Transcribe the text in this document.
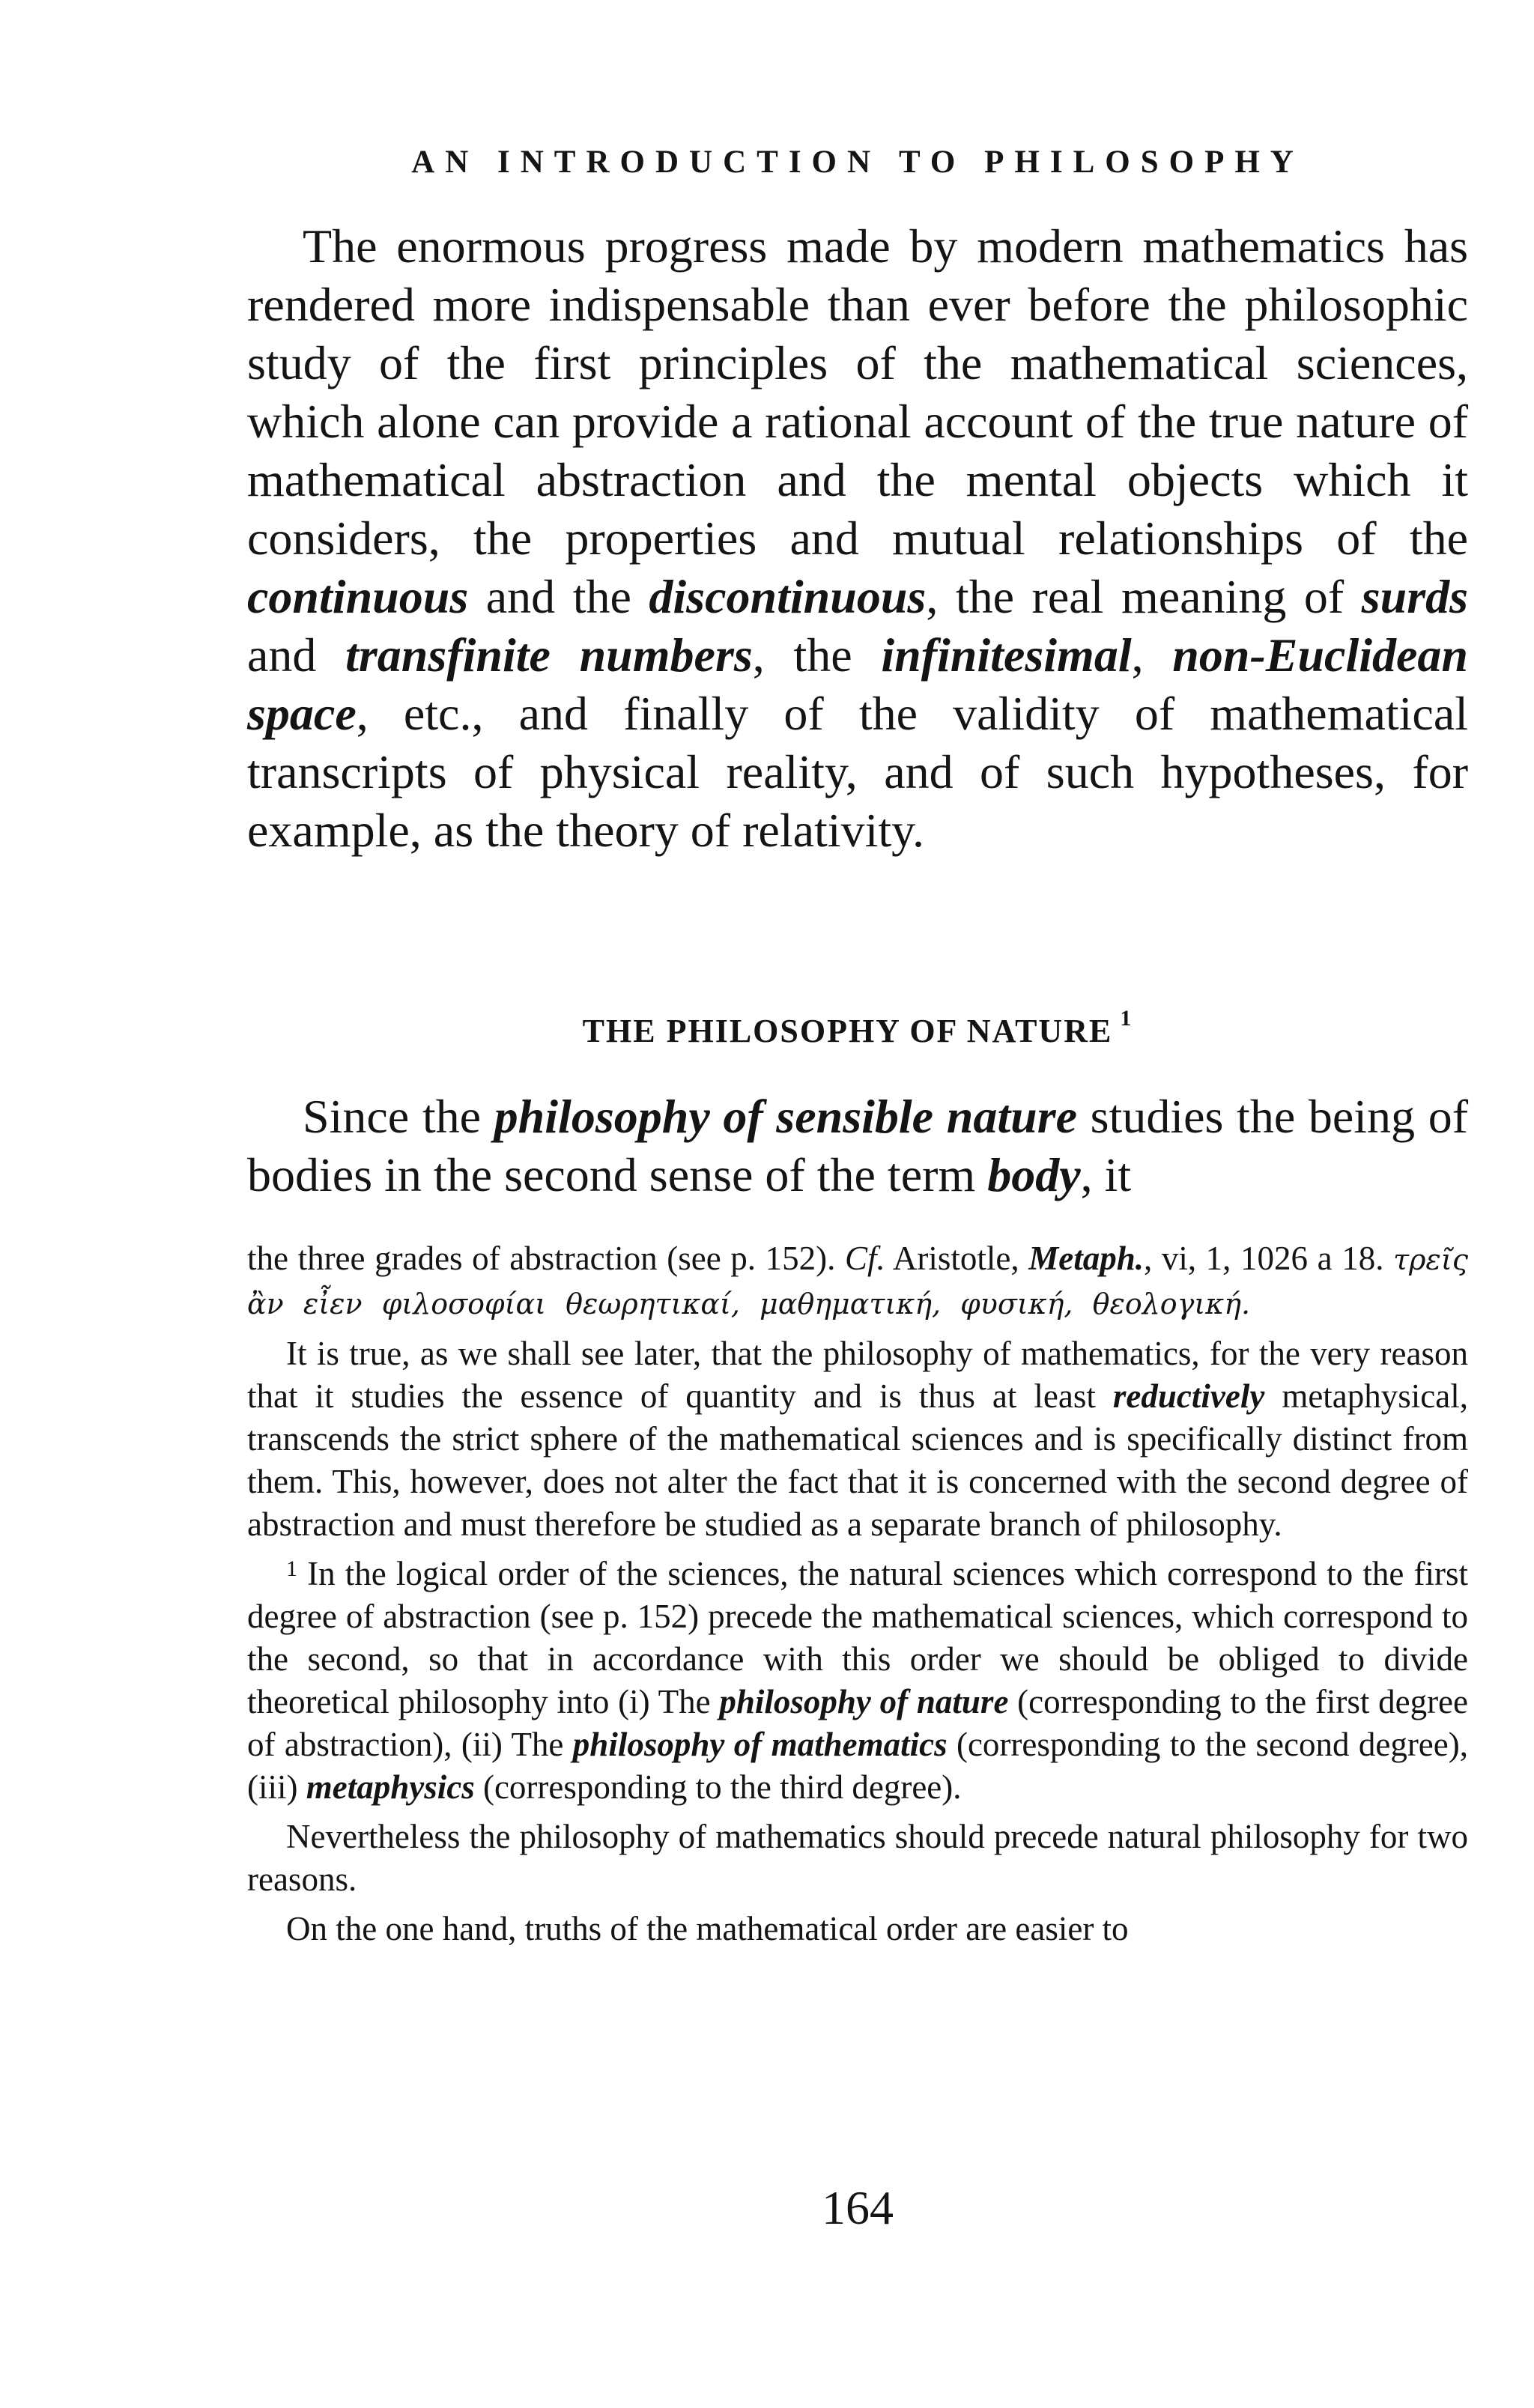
AN INTRODUCTION TO PHILOSOPHY

The enormous progress made by modern mathematics has rendered more indispensable than ever before the philosophic study of the first principles of the mathematical sciences, which alone can provide a rational account of the true nature of mathematical abstraction and the mental objects which it considers, the properties and mutual relationships of the continuous and the discontinuous, the real meaning of surds and transfinite numbers, the infinitesimal, non-Euclidean space, etc., and finally of the validity of mathematical transcripts of physical reality, and of such hypotheses, for example, as the theory of relativity.

THE PHILOSOPHY OF NATURE $^1$

Since the philosophy of sensible nature studies the being of bodies in the second sense of the term body, it

the three grades of abstraction (see p. 152). Cf. Aristotle, Metaph., vi, 1, 1026 a 18. τρεῖς ἂν εἶεν φιλοσοφίαι θεωρητικαί, μαθηματική, φυσική, θεολογική.

It is true, as we shall see later, that the philosophy of mathematics, for the very reason that it studies the essence of quantity and is thus at least reductively metaphysical, transcends the strict sphere of the mathematical sciences and is specifically distinct from them. This, however, does not alter the fact that it is concerned with the second degree of abstraction and must therefore be studied as a separate branch of philosophy.

$^1$ In the logical order of the sciences, the natural sciences which correspond to the first degree of abstraction (see p. 152) precede the mathematical sciences, which correspond to the second, so that in accordance with this order we should be obliged to divide theoretical philosophy into (i) The philosophy of nature (corresponding to the first degree of abstraction), (ii) The philosophy of mathematics (corresponding to the second degree), (iii) metaphysics (corresponding to the third degree).

Nevertheless the philosophy of mathematics should precede natural philosophy for two reasons.

On the one hand, truths of the mathematical order are easier to

164
